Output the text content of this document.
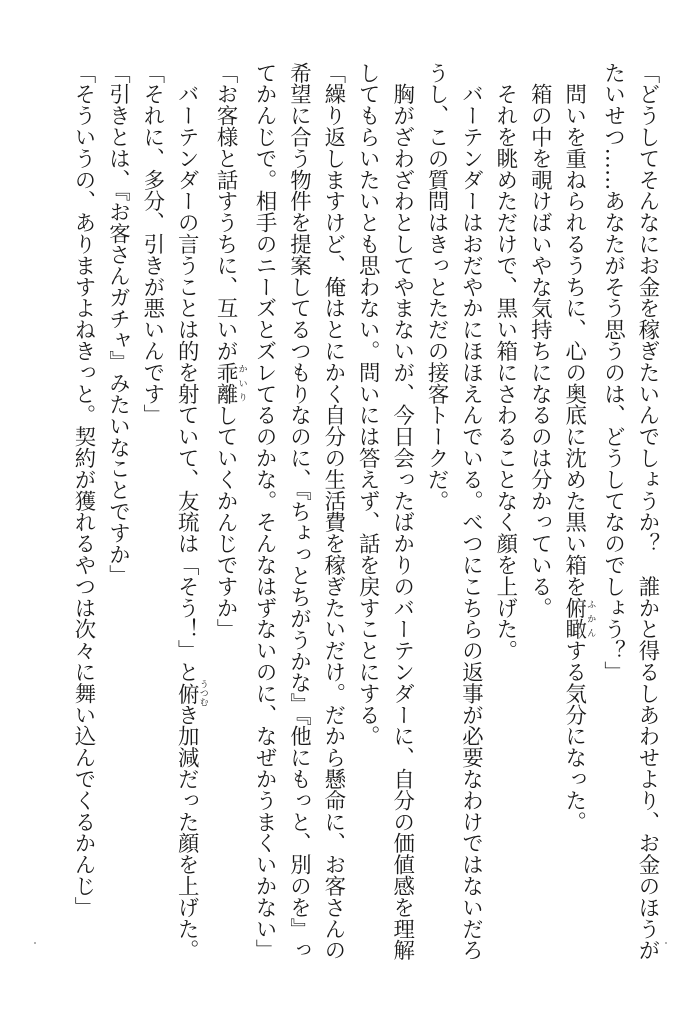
「どうしてそんなにお金を稼ぎたいんでしょうか？　誰かと得るしあわせより、お金のほうが
たいせつ……あなたがそう思うのは、どうしてなのでしょう？」
　問いを重ねられるうちに、心の奥底に沈めた黒い箱を俯瞰ふかんする気分になった。
　箱の中を覗けばいやな気持ちになるのは分かっている。
　それを眺めただけで、黒い箱にさわることなく顔を上げた。
　バーテンダーはおだやかにほほえんでいる。べつにこちらの返事が必要なわけではないだろ
うし、この質問はきっとただの接客トークだ。
　胸がざわざわとしてやまないが、今日会ったばかりのバーテンダーに、自分の価値感を理解
してもらいたいとも思わない。問いには答えず、話を戻すことにする。
「繰り返しますけど、俺はとにかく自分の生活費を稼ぎたいだけ。だから懸命に、お客さんの
希望に合う物件を提案してるつもりなのに、『ちょっとちがうかな』『他にもっと、別のを』っ
てかんじで。相手のニーズとズレてるのかな。そんなはずないのに、なぜかうまくいかない」
「お客様と話すうちに、互いが乖離かいりしていくかんじですか」
　バーテンダーの言うことは的を射ていて、友琉は「そう！」と俯うつむき加減だった顔を上げた。
「それに、多分、引きが悪いんです」
「引きとは、『お客さんガチャ』みたいなことですか」
「そういうの、ありますよねきっと。契約が獲れるやつは次々に舞い込んでくるかんじ」
